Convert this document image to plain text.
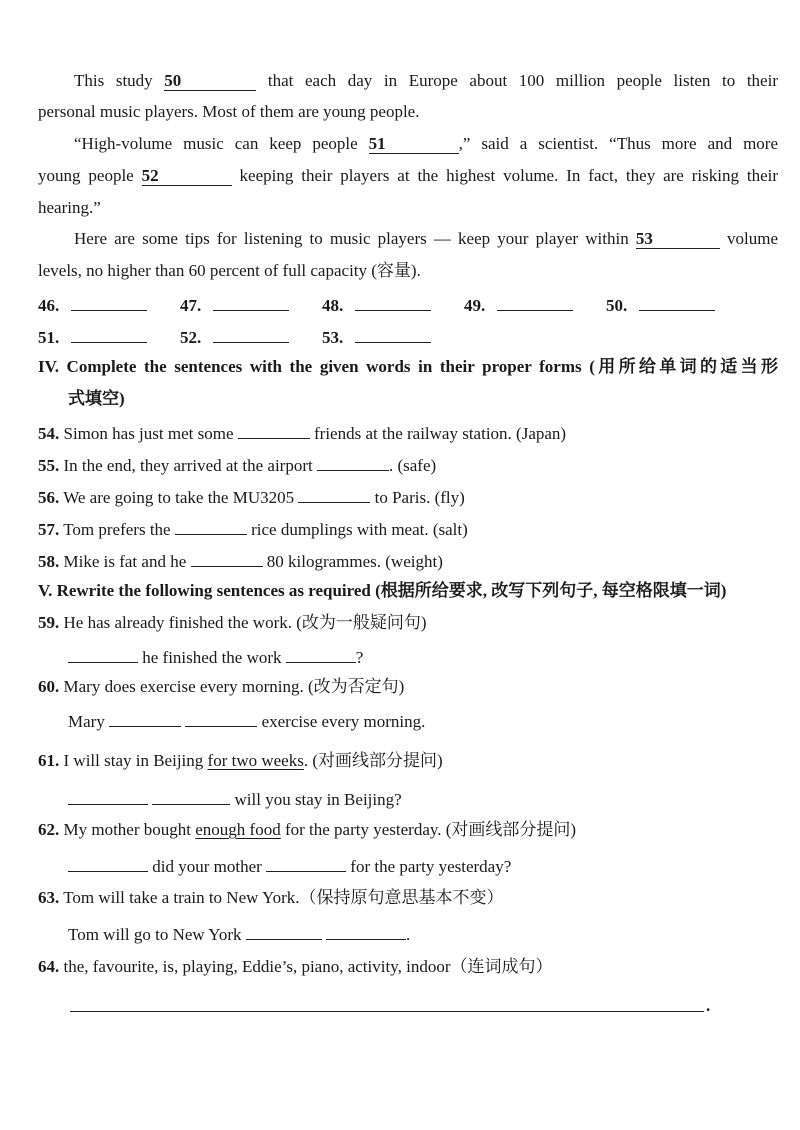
This study 50	that each day in Europe about 100 million people listen to their
personal music players. Most of them are young people.
“High-volume music can keep people 51	,” said a scientist. “Thus more and more
young people 52	keeping their players at the highest volume. In fact, they are risking their
hearing.”
Here are some tips for listening to music players — keep your player within 53	volume
levels, no higher than 60 percent of full capacity (容量).
46.	47.	48.	49.	50.
51.	52.	53.
IV. Complete the sentences with the given words in their proper forms (用所给单词的适当形
式填空)
54. Simon has just met some	friends at the railway station. (Japan)
55. In the end, they arrived at the airport	. (safe)
56. We are going to take the MU3205	to Paris. (fly)
57. Tom prefers the	rice dumplings with meat. (salt)
58. Mike is fat and he	80 kilogrammes. (weight)
V. Rewrite the following sentences as required (根据所给要求, 改写下列句子, 每空格限填一词)
59. He has already finished the work. (改为一般疑问句)
he finished the work	?
60. Mary does exercise every morning. (改为否定句)
Mary	exercise every morning.
61. I will stay in Beijing for two weeks. (对画线部分提问)
will you stay in Beijing?
62. My mother bought enough food for the party yesterday. (对画线部分提问)
did your mother	for the party yesterday?
63. Tom will take a train to New York.（保持原句意思基本不变）
Tom will go to New York	.
64. the, favourite, is, playing, Eddie’s, piano, activity, indoor（连词成句）
.
